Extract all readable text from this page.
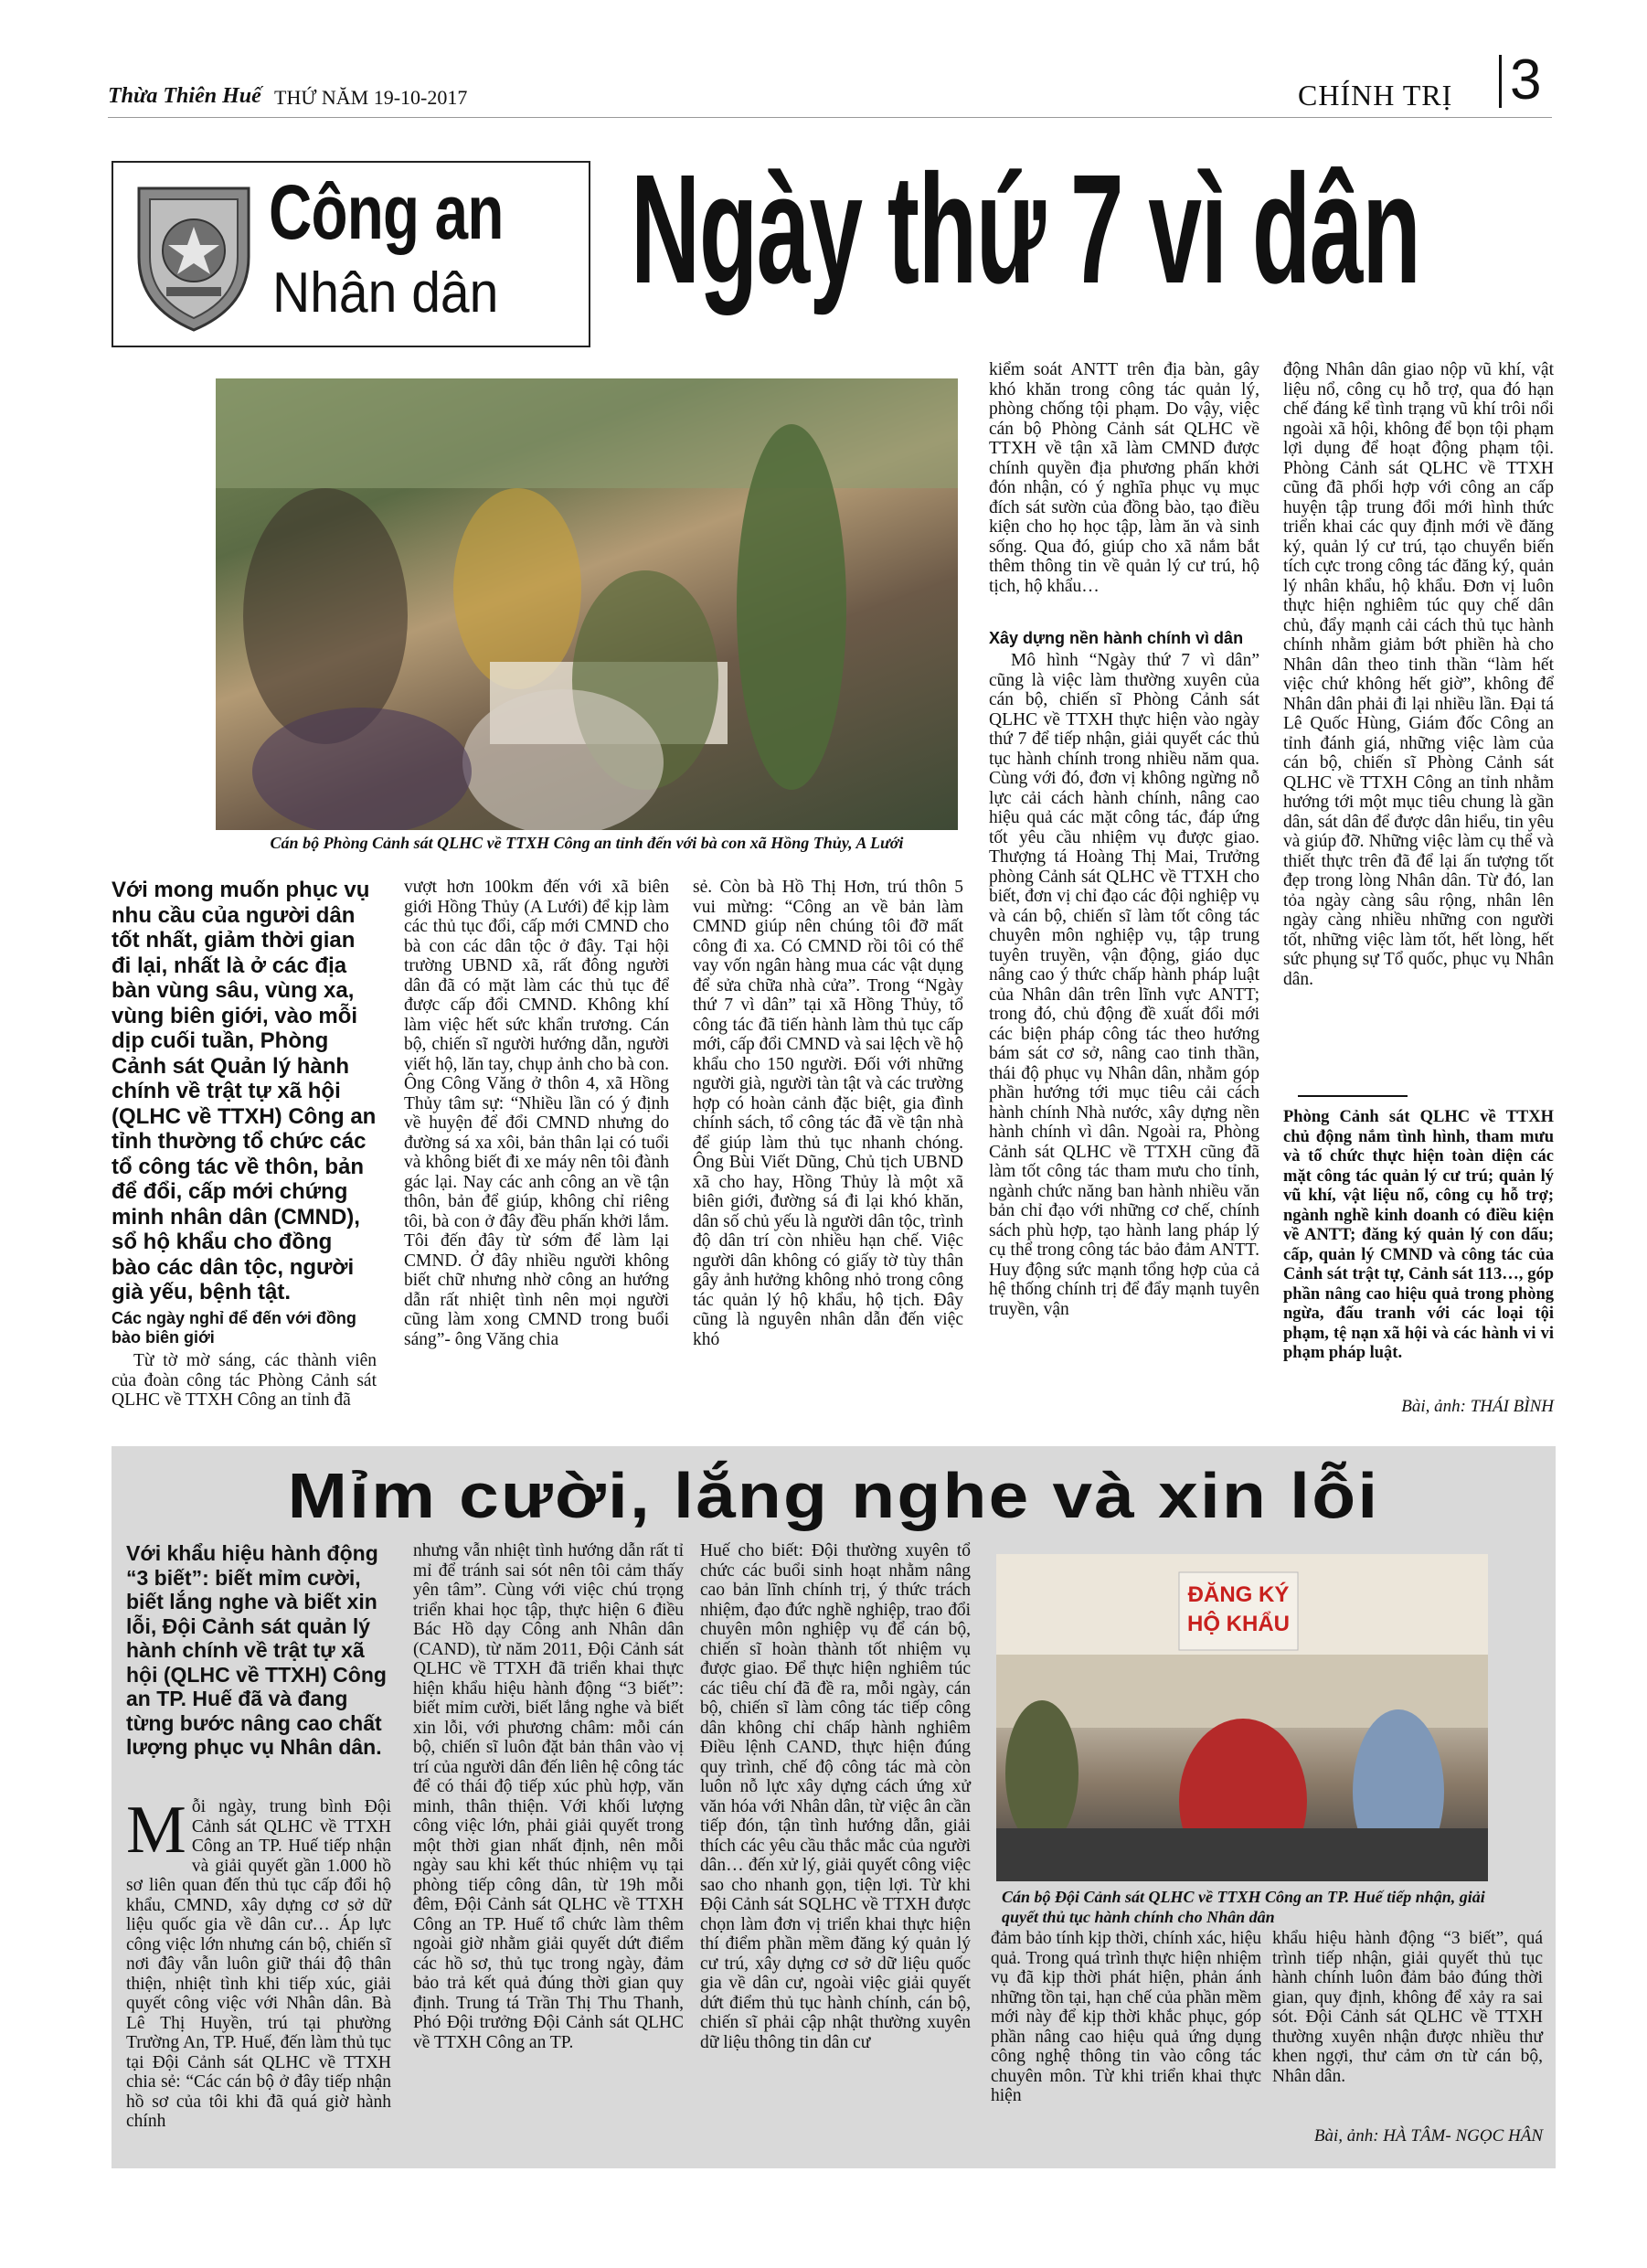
Thừa Thiên Huế THỨ NĂM 19-10-2017	CHÍNH TRỊ 3
Công an
Nhân dân Ngày thứ 7 vì dân
Cán bộ Phòng Cảnh sát QLHC về TTXH Công an tỉnh đến với bà con xã Hồng Thủy, A Lưới
Với mong muốn phục vụ nhu cầu của người dân tốt nhất, giảm thời gian đi lại, nhất là ở các địa bàn vùng sâu, vùng xa, vùng biên giới, vào mỗi dịp cuối tuần, Phòng Cảnh sát Quản lý hành chính về trật tự xã hội (QLHC về TTXH) Công an tỉnh thường tổ chức các tổ công tác về thôn, bản để đổi, cấp mới chứng minh nhân dân (CMND), sổ hộ khẩu cho đồng bào các dân tộc, người già yếu, bệnh tật.
Các ngày nghỉ để đến với đồng bào biên giới

Từ tờ mờ sáng, các thành viên của đoàn công tác Phòng Cảnh sát QLHC về TTXH Công an tỉnh đã

vượt hơn 100km đến với xã biên giới Hồng Thủy (A Lưới) để kịp làm các thủ tục đổi, cấp mới CMND cho bà con các dân tộc ở đây. Tại hội trường UBND xã, rất đông người dân đã có mặt làm các thủ tục để được cấp đổi CMND. Không khí làm việc hết sức khẩn trương. Cán bộ, chiến sĩ người hướng dẫn, người viết hộ, lăn tay, chụp ảnh cho bà con. Ông Công Văng ở thôn 4, xã Hồng Thủy tâm sự: “Nhiều lần có ý định về huyện để đổi CMND nhưng do đường sá xa xôi, bản thân lại có tuổi và không biết đi xe máy nên tôi đành gác lại. Nay các anh công an về tận thôn, bản để giúp, không chỉ riêng tôi, bà con ở đây đều phấn khởi lắm. Tôi đến đây từ sớm để làm lại CMND. Ở đây nhiều người không biết chữ nhưng nhờ công an hướng dẫn rất nhiệt tình nên mọi người cũng làm xong CMND trong buổi sáng”- ông Văng chia

sẻ. Còn bà Hồ Thị Hơn, trú thôn 5 vui mừng: “Công an về bản làm CMND giúp nên chúng tôi đỡ mất công đi xa. Có CMND rồi tôi có thể vay vốn ngân hàng mua các vật dụng để sửa chữa nhà cửa”. Trong “Ngày thứ 7 vì dân” tại xã Hồng Thủy, tổ công tác đã tiến hành làm thủ tục cấp mới, cấp đổi CMND và sai lệch về hộ khẩu cho 150 người. Đối với những người già, người tàn tật và các trường hợp có hoàn cảnh đặc biệt, gia đình chính sách, tổ công tác đã về tận nhà để giúp làm thủ tục nhanh chóng. Ông Bùi Viết Dũng, Chủ tịch UBND xã cho hay, Hồng Thủy là một xã biên giới, đường sá đi lại khó khăn, dân số chủ yếu là người dân tộc, trình độ dân trí còn nhiều hạn chế. Việc người dân không có giấy tờ tùy thân gây ảnh hưởng không nhỏ trong công tác quản lý hộ khẩu, hộ tịch. Đây cũng là nguyên nhân dẫn đến việc khó

kiểm soát ANTT trên địa bàn, gây khó khăn trong công tác quản lý, phòng chống tội phạm. Do vậy, việc cán bộ Phòng Cảnh sát QLHC về TTXH về tận xã làm CMND được chính quyền địa phương phấn khởi đón nhận, có ý nghĩa phục vụ mục đích sát sườn của đồng bào, tạo điều kiện cho họ học tập, làm ăn và sinh sống. Qua đó, giúp cho xã nắm bắt thêm thông tin về quản lý cư trú, hộ tịch, hộ khẩu…

Xây dựng nền hành chính vì dân

Mô hình “Ngày thứ 7 vì dân” cũng là việc làm thường xuyên của cán bộ, chiến sĩ Phòng Cảnh sát QLHC về TTXH thực hiện vào ngày thứ 7 để tiếp nhận, giải quyết các thủ tục hành chính trong nhiều năm qua. Cùng với đó, đơn vị không ngừng nỗ lực cải cách hành chính, nâng cao hiệu quả các mặt công tác, đáp ứng tốt yêu cầu nhiệm vụ được giao. Thượng tá Hoàng Thị Mai, Trưởng phòng Cảnh sát QLHC về TTXH cho biết, đơn vị chỉ đạo các đội nghiệp vụ và cán bộ, chiến sĩ làm tốt công tác chuyên môn nghiệp vụ, tập trung tuyên truyền, vận động, giáo dục nâng cao ý thức chấp hành pháp luật của Nhân dân trên lĩnh vực ANTT; trong đó, chủ động đề xuất đổi mới các biện pháp công tác theo hướng bám sát cơ sở, nâng cao tinh thần, thái độ phục vụ Nhân dân, nhằm góp phần hướng tới mục tiêu cải cách hành chính Nhà nước, xây dựng nền hành chính vì dân. Ngoài ra, Phòng Cảnh sát QLHC về TTXH cũng đã làm tốt công tác tham mưu cho tỉnh, ngành chức năng ban hành nhiều văn bản chỉ đạo với những cơ chế, chính sách phù hợp, tạo hành lang pháp lý cụ thể trong công tác bảo đảm ANTT. Huy động sức mạnh tổng hợp của cả hệ thống chính trị để đẩy mạnh tuyên truyền, vận

động Nhân dân giao nộp vũ khí, vật liệu nổ, công cụ hỗ trợ, qua đó hạn chế đáng kể tình trạng vũ khí trôi nổi ngoài xã hội, không để bọn tội phạm lợi dụng để hoạt động phạm tội. Phòng Cảnh sát QLHC về TTXH cũng đã phối hợp với công an cấp huyện tập trung đổi mới hình thức triển khai các quy định mới về đăng ký, quản lý cư trú, tạo chuyển biến tích cực trong công tác đăng ký, quản lý nhân khẩu, hộ khẩu. Đơn vị luôn thực hiện nghiêm túc quy chế dân chủ, đẩy mạnh cải cách thủ tục hành chính nhằm giảm bớt phiền hà cho Nhân dân theo tinh thần “làm hết việc chứ không hết giờ”, không để Nhân dân phải đi lại nhiều lần. Đại tá Lê Quốc Hùng, Giám đốc Công an tỉnh đánh giá, những việc làm của cán bộ, chiến sĩ Phòng Cảnh sát QLHC về TTXH Công an tỉnh nhằm hướng tới một mục tiêu chung là gần dân, sát dân để được dân hiểu, tin yêu và giúp đỡ. Những việc làm cụ thể và thiết thực trên đã để lại ấn tượng tốt đẹp trong lòng Nhân dân. Từ đó, lan tỏa ngày càng sâu rộng, nhân lên ngày càng nhiều những con người tốt, những việc làm tốt, hết lòng, hết sức phụng sự Tổ quốc, phục vụ Nhân dân.

Phòng Cảnh sát QLHC về TTXH chủ động nắm tình hình, tham mưu và tổ chức thực hiện toàn diện các mặt công tác quản lý cư trú; quản lý vũ khí, vật liệu nổ, công cụ hỗ trợ; ngành nghề kinh doanh có điều kiện về ANTT; đăng ký quản lý con dấu; cấp, quản lý CMND và công tác của Cảnh sát trật tự, Cảnh sát 113…, góp phần nâng cao hiệu quả trong phòng ngừa, đấu tranh với các loại tội phạm, tệ nạn xã hội và các hành vi vi phạm pháp luật.
Bài, ảnh: THÁI BÌNH
Mỉm cười, lắng nghe và xin lỗi
Với khẩu hiệu hành động “3 biết”: biết mỉm cười, biết lắng nghe và biết xin lỗi, Đội Cảnh sát quản lý hành chính về trật tự xã hội (QLHC về TTXH) Công an TP. Huế đã và đang từng bước nâng cao chất lượng phục vụ Nhân dân.
Mỗi ngày, trung bình Đội Cảnh sát QLHC về TTXH Công an TP. Huế tiếp nhận và giải quyết gần 1.000 hồ sơ liên quan đến thủ tục cấp đổi hộ khẩu, CMND, xây dựng cơ sở dữ liệu quốc gia về dân cư… Áp lực công việc lớn nhưng cán bộ, chiến sĩ nơi đây vẫn luôn giữ thái độ thân thiện, nhiệt tình khi tiếp xúc, giải quyết công việc với Nhân dân. Bà Lê Thị Huyền, trú tại phường Trường An, TP. Huế, đến làm thủ tục tại Đội Cảnh sát QLHC về TTXH chia sẻ: “Các cán bộ ở đây tiếp nhận hồ sơ của tôi khi đã quá giờ hành chính

nhưng vẫn nhiệt tình hướng dẫn rất tỉ mỉ để tránh sai sót nên tôi cảm thấy yên tâm”. Cùng với việc chú trọng triển khai học tập, thực hiện 6 điều Bác Hồ dạy Công anh Nhân dân (CAND), từ năm 2011, Đội Cảnh sát QLHC về TTXH đã triển khai thực hiện khẩu hiệu hành động “3 biết”: biết mỉm cười, biết lắng nghe và biết xin lỗi, với phương châm: mỗi cán bộ, chiến sĩ luôn đặt bản thân vào vị trí của người dân đến liên hệ công tác để có thái độ tiếp xúc phù hợp, văn minh, thân thiện. Với khối lượng công việc lớn, phải giải quyết trong một thời gian nhất định, nên mỗi ngày sau khi kết thúc nhiệm vụ tại phòng tiếp công dân, từ 19h mỗi đêm, Đội Cảnh sát QLHC về TTXH Công an TP. Huế tổ chức làm thêm ngoài giờ nhằm giải quyết dứt điểm các hồ sơ, thủ tục trong ngày, đảm bảo trả kết quả đúng thời gian quy định. Trung tá Trần Thị Thu Thanh, Phó Đội trưởng Đội Cảnh sát QLHC về TTXH Công an TP.

Huế cho biết: Đội thường xuyên tổ chức các buổi sinh hoạt nhằm nâng cao bản lĩnh chính trị, ý thức trách nhiệm, đạo đức nghề nghiệp, trao đổi chuyên môn nghiệp vụ để cán bộ, chiến sĩ hoàn thành tốt nhiệm vụ được giao. Để thực hiện nghiêm túc các tiêu chí đã đề ra, mỗi ngày, cán bộ, chiến sĩ làm công tác tiếp công dân không chỉ chấp hành nghiêm Điều lệnh CAND, thực hiện đúng quy trình, chế độ công tác mà còn luôn nỗ lực xây dựng cách ứng xử văn hóa với Nhân dân, từ việc ân cần tiếp đón, tận tình hướng dẫn, giải thích các yêu cầu thắc mắc của người dân… đến xử lý, giải quyết công việc sao cho nhanh gọn, tiện lợi. Từ khi Đội Cảnh sát SQLHC về TTXH được chọn làm đơn vị triển khai thực hiện thí điểm phần mềm đăng ký quản lý cư trú, xây dựng cơ sở dữ liệu quốc gia về dân cư, ngoài việc giải quyết dứt điểm thủ tục hành chính, cán bộ, chiến sĩ phải cập nhật thường xuyên dữ liệu thông tin dân cư

ĐĂNG KÝ
HỘ KHẨU
Cán bộ Đội Cảnh sát QLHC về TTXH Công an TP. Huế tiếp nhận, giải quyết thủ tục hành chính cho Nhân dân

đảm bảo tính kịp thời, chính xác, hiệu quả. Trong quá trình thực hiện nhiệm vụ đã kịp thời phát hiện, phản ánh những tồn tại, hạn chế của phần mềm mới này để kịp thời khắc phục, góp phần nâng cao hiệu quả ứng dụng công nghệ thông tin vào công tác chuyên môn. Từ khi triển khai thực hiện

khẩu hiệu hành động “3 biết”, quá trình tiếp nhận, giải quyết thủ tục hành chính luôn đảm bảo đúng thời gian, quy định, không để xảy ra sai sót. Đội Cảnh sát QLHC về TTXH thường xuyên nhận được nhiều thư khen ngợi, thư cảm ơn từ cán bộ, Nhân dân.

Bài, ảnh: HÀ TÂM- NGỌC HÂN
